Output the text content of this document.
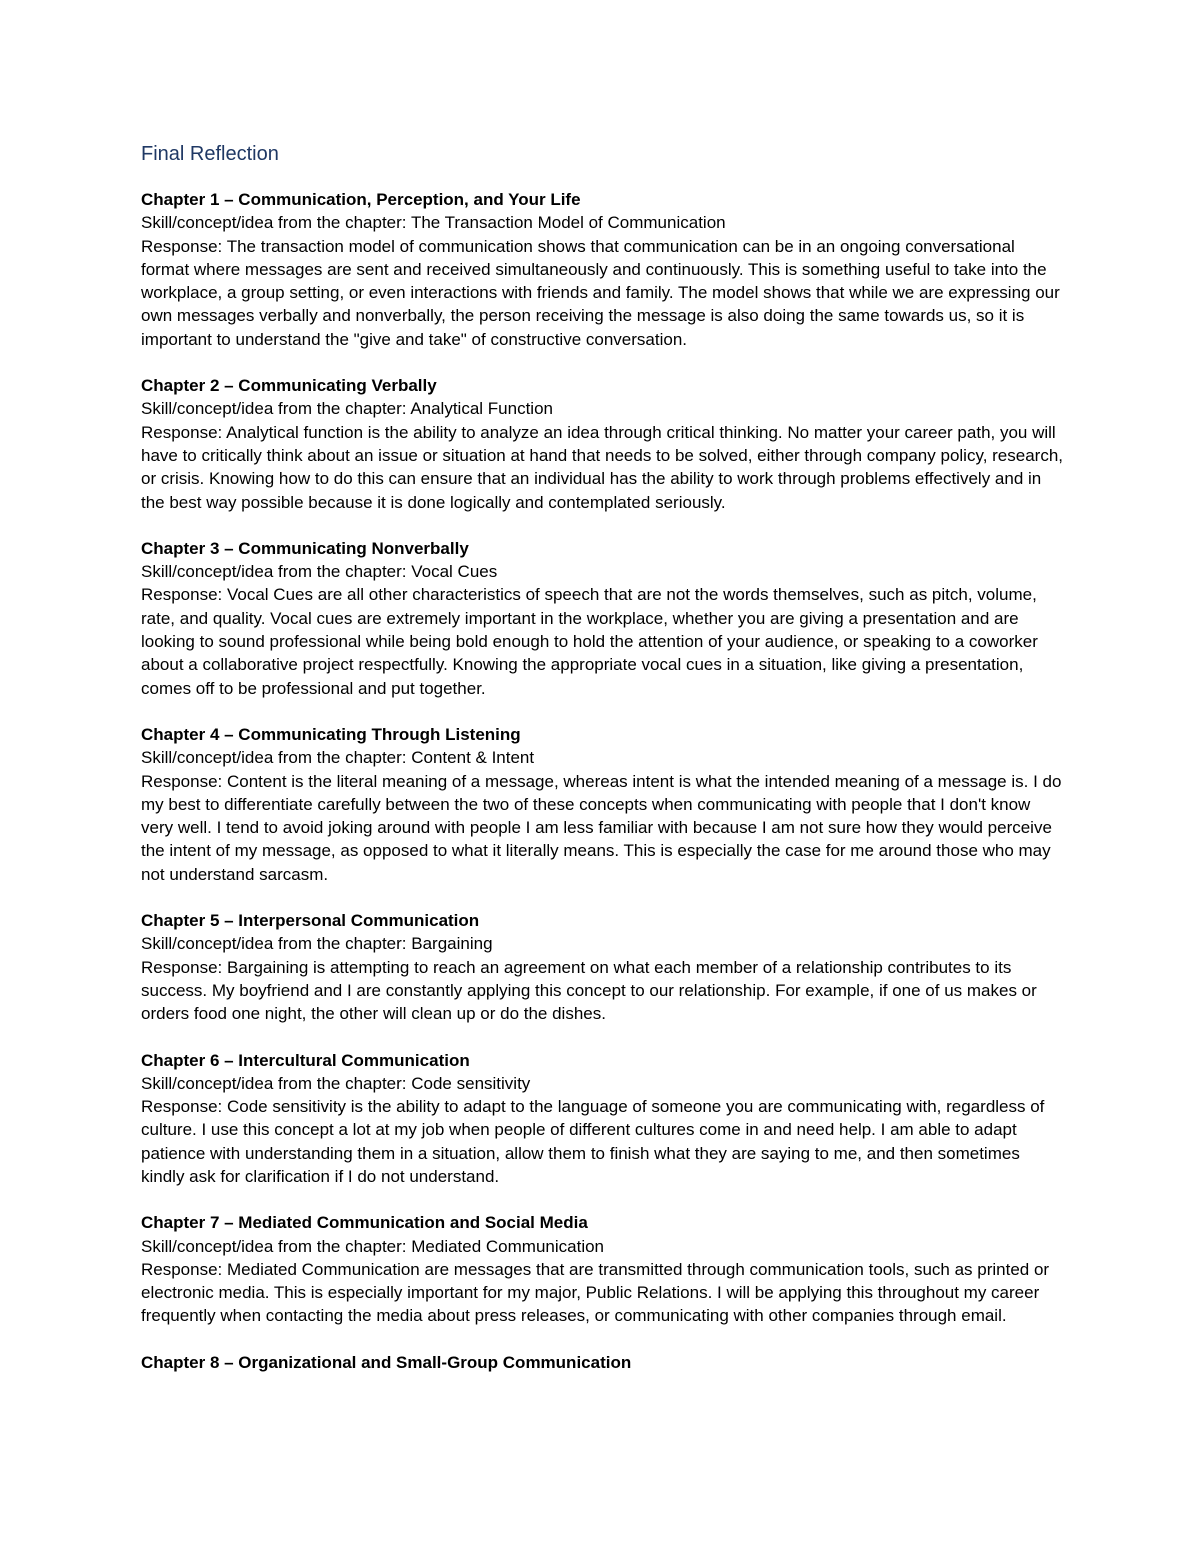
Final Reflection
Chapter 1 – Communication, Perception, and Your Life
Skill/concept/idea from the chapter: The Transaction Model of Communication
Response: The transaction model of communication shows that communication can be in an ongoing conversational format where messages are sent and received simultaneously and continuously. This is something useful to take into the workplace, a group setting, or even interactions with friends and family. The model shows that while we are expressing our own messages verbally and nonverbally, the person receiving the message is also doing the same towards us, so it is important to understand the "give and take" of constructive conversation.
Chapter 2 – Communicating Verbally
Skill/concept/idea from the chapter: Analytical Function
Response: Analytical function is the ability to analyze an idea through critical thinking. No matter your career path, you will have to critically think about an issue or situation at hand that needs to be solved, either through company policy, research, or crisis. Knowing how to do this can ensure that an individual has the ability to work through problems effectively and in the best way possible because it is done logically and contemplated seriously.
Chapter 3 – Communicating Nonverbally
Skill/concept/idea from the chapter: Vocal Cues
Response: Vocal Cues are all other characteristics of speech that are not the words themselves, such as pitch, volume, rate, and quality. Vocal cues are extremely important in the workplace, whether you are giving a presentation and are looking to sound professional while being bold enough to hold the attention of your audience, or speaking to a coworker about a collaborative project respectfully. Knowing the appropriate vocal cues in a situation, like giving a presentation, comes off to be professional and put together.
Chapter 4 – Communicating Through Listening
Skill/concept/idea from the chapter: Content & Intent
Response: Content is the literal meaning of a message, whereas intent is what the intended meaning of a message is. I do my best to differentiate carefully between the two of these concepts when communicating with people that I don't know very well. I tend to avoid joking around with people I am less familiar with because I am not sure how they would perceive the intent of my message, as opposed to what it literally means. This is especially the case for me around those who may not understand sarcasm.
Chapter 5 – Interpersonal Communication
Skill/concept/idea from the chapter: Bargaining
Response: Bargaining is attempting to reach an agreement on what each member of a relationship contributes to its success. My boyfriend and I are constantly applying this concept to our relationship. For example, if one of us makes or orders food one night, the other will clean up or do the dishes.
Chapter 6 – Intercultural Communication
Skill/concept/idea from the chapter: Code sensitivity
Response: Code sensitivity is the ability to adapt to the language of someone you are communicating with, regardless of culture. I use this concept a lot at my job when people of different cultures come in and need help. I am able to adapt patience with understanding them in a situation, allow them to finish what they are saying to me, and then sometimes kindly ask for clarification if I do not understand.
Chapter 7 – Mediated Communication and Social Media
Skill/concept/idea from the chapter: Mediated Communication
Response: Mediated Communication are messages that are transmitted through communication tools, such as printed or electronic media. This is especially important for my major, Public Relations. I will be applying this throughout my career frequently when contacting the media about press releases, or communicating with other companies through email.
Chapter 8 – Organizational and Small-Group Communication
